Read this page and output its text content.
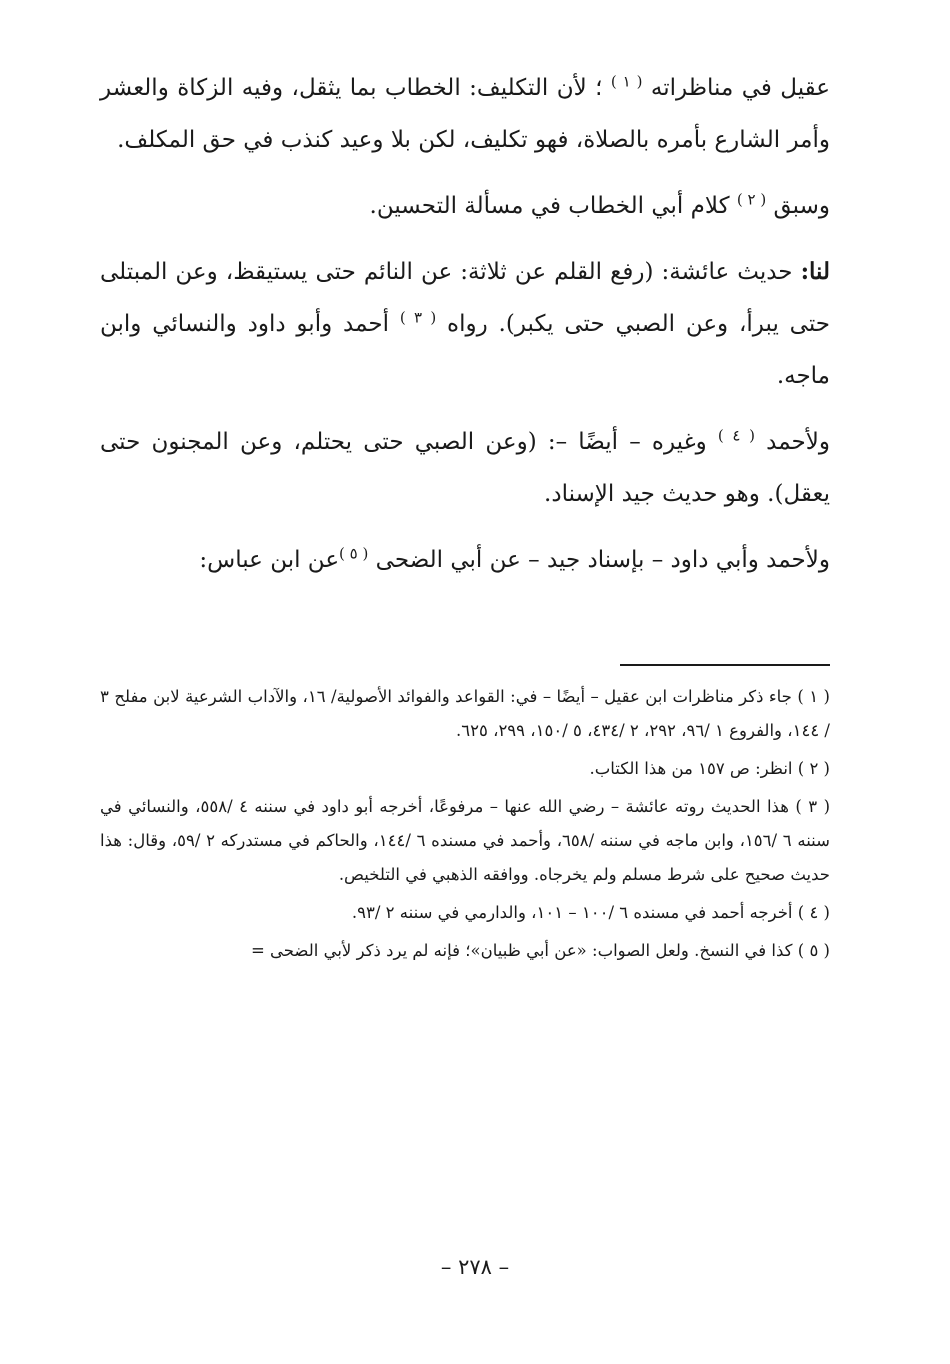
عقيل في مناظراته $^{( ١ )}$ ؛ لأن التكليف: الخطاب بما يثقل، وفيه الزكاة والعشر وأمر الشارع بأمره بالصلاة، فهو تكليف، لكن بلا وعيد كنذب في حق المكلف.

وسبق $^{( ٢ )}$ كلام أبي الخطاب في مسألة التحسين.

لنا: حديث عائشة: (رفع القلم عن ثلاثة: عن النائم حتى يستيقظ، وعن المبتلى حتى يبرأ، وعن الصبي حتى يكبر). رواه $^{( ٣ )}$ أحمد وأبو داود والنسائي وابن ماجه.

ولأحمد $^{( ٤ )}$ وغيره – أيضًا –: (وعن الصبي حتى يحتلم، وعن المجنون حتى يعقل). وهو حديث جيد الإسناد.

ولأحمد وأبي داود – بإسناد جيد – عن أبي الضحى $^{( ٥ )}$عن ابن عباس:

( ١ ) جاء ذكر مناظرات ابن عقيل – أيضًا – في: القواعد والفوائد الأصولية/ ١٦، والآداب الشرعية لابن مفلح ٣ / ١٤٤، والفروع ١ /٩٦، ٢٩٢، ٢ /٤٣٤، ٥ /١٥٠، ٢٩٩، ٦٢٥.

( ٢ ) انظر: ص ١٥٧ من هذا الكتاب.

( ٣ ) هذا الحديث روته عائشة – رضي الله عنها – مرفوعًا، أخرجه أبو داود في سننه ٤ /٥٥٨، والنسائي في سننه ٦ /١٥٦، وابن ماجه في سننه /٦٥٨، وأحمد في مسنده ٦ /١٤٤، والحاكم في مستدركه ٢ /٥٩، وقال: هذا حديث صحيح على شرط مسلم ولم يخرجاه. ووافقه الذهبي في التلخيص.

( ٤ ) أخرجه أحمد في مسنده ٦ /١٠٠ – ١٠١، والدارمي في سننه ٢ /٩٣.

( ٥ ) كذا في النسخ. ولعل الصواب: «عن أبي ظبيان»؛ فإنه لم يرد ذكر لأبي الضحى =

– ٢٧٨ –
